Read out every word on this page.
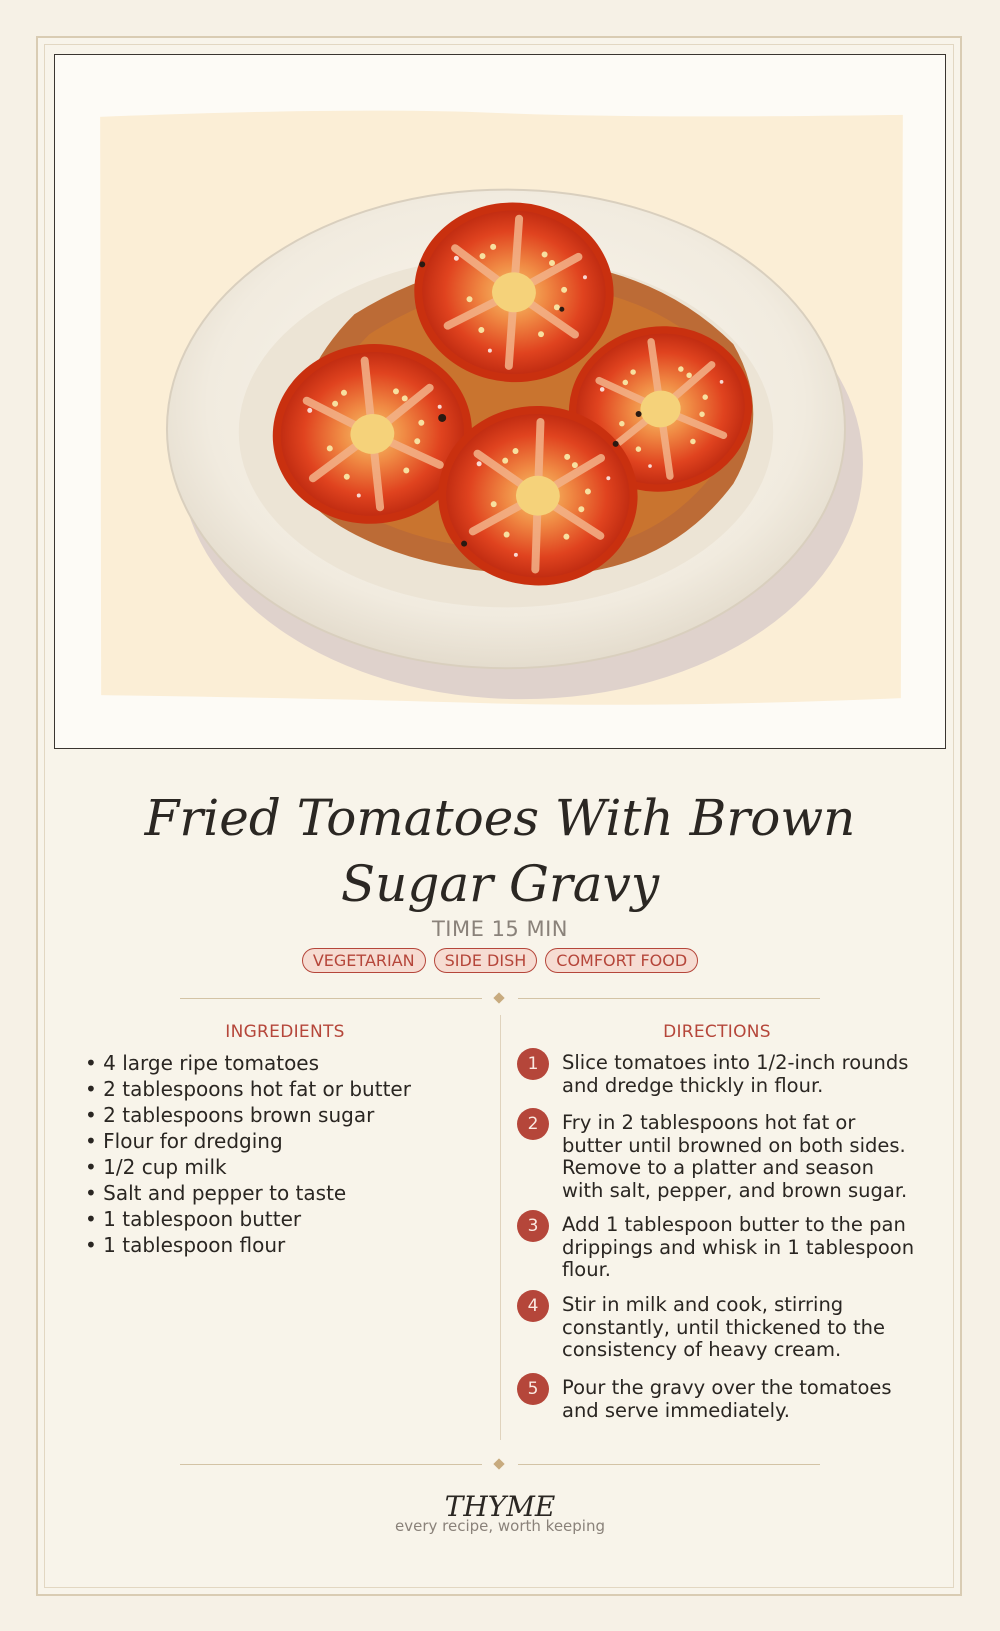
Fried Tomatoes With Brown Sugar Gravy
TIME 15 MIN
VEGETARIAN SIDE DISH COMFORT FOOD
INGREDIENTS
• 4 large ripe tomatoes
• 2 tablespoons hot fat or butter
• 2 tablespoons brown sugar
• Flour for dredging
• 1/2 cup milk
• Salt and pepper to taste
• 1 tablespoon butter
• 1 tablespoon flour
DIRECTIONS
1	Slice tomatoes into 1/2-inch rounds and dredge thickly in flour.
2	Fry in 2 tablespoons hot fat or butter until browned on both sides. Remove to a platter and season with salt, pepper, and brown sugar.
3	Add 1 tablespoon butter to the pan drippings and whisk in 1 tablespoon flour.
4	Stir in milk and cook, stirring constantly, until thickened to the consistency of heavy cream.
5	Pour the gravy over the tomatoes and serve immediately.
THYME
every recipe, worth keeping
